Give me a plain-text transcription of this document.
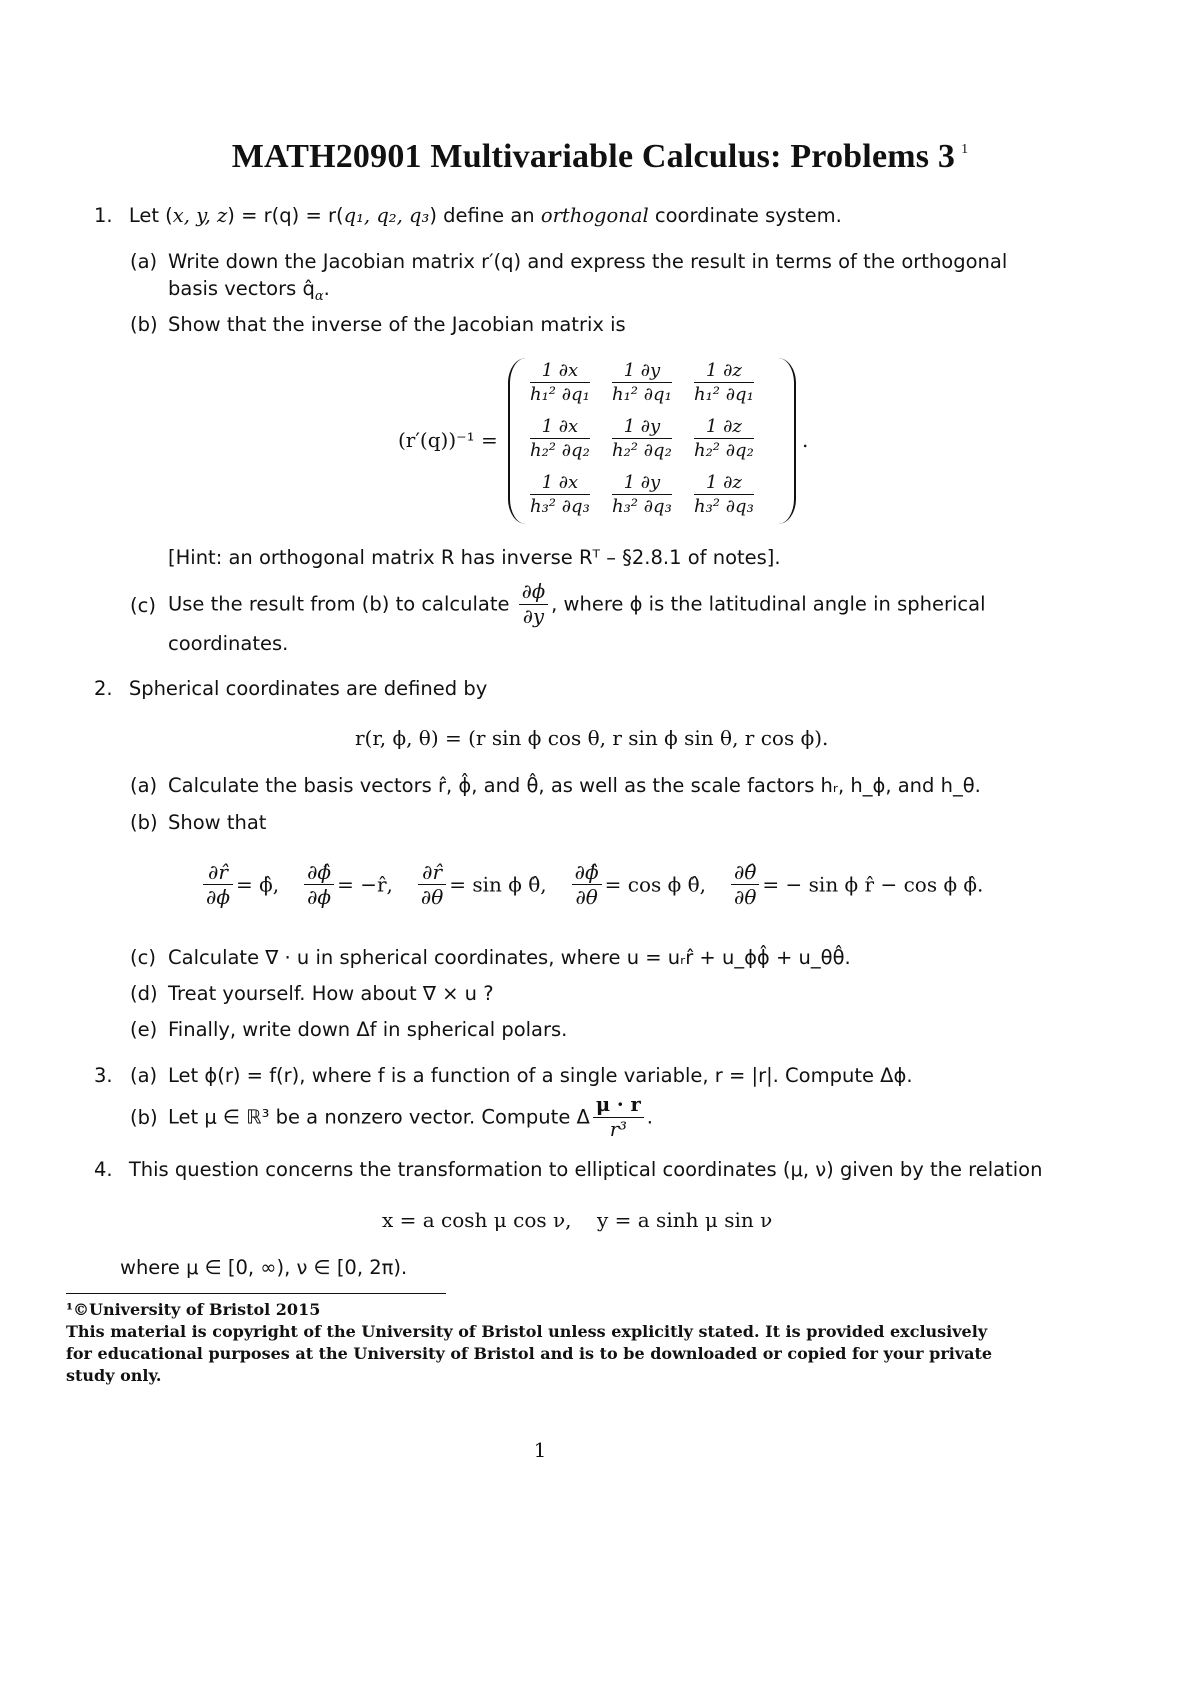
MATH20901 Multivariable Calculus: Problems 3 $^1$
1. Let (x, y, z) = r(q) = r(q₁, q₂, q₃) define an orthogonal coordinate system.
(a) Write down the Jacobian matrix r′(q) and express the result in terms of the orthogonal
basis vectors $q̂_\alpha$.
(b) Show that the inverse of the Jacobian matrix is
(r′(q))⁻¹ =
$\frac{1 \partial x}{\text{h₁² ∂q₁}} \frac{1 \partial y}{\text{h₁² ∂q₁}} \frac{1 \partial z}{\text{h₁² ∂q₁}}$
$\frac{1 \partial x}{\text{h₂² ∂q₂}} \frac{1 \partial y}{\text{h₂² ∂q₂}} \frac{1 \partial z}{\text{h₂² ∂q₂}}$
$\frac{1 \partial x}{\text{h₃² ∂q₃}} \frac{1 \partial y}{\text{h₃² ∂q₃}} \frac{1 \partial z}{\text{h₃² ∂q₃}}$
.
[Hint: an orthogonal matrix R has inverse Rᵀ – §2.8.1 of notes].
(c) Use the result from (b) to calculate $\frac{\partial\phi}{\partial y}$ , where ϕ is the latitudinal angle in spherical
coordinates.
2. Spherical coordinates are defined by
r(r, ϕ, θ) = (r sin ϕ cos θ, r sin ϕ sin θ, r cos ϕ).
(a) Calculate the basis vectors r̂, ϕ̂, and θ̂, as well as the scale factors hᵣ, h_ϕ, and h_θ.
(b) Show that
$\frac{\partial r̂}{\partial\phi}$ = ϕ̂, $\frac{\partial\phî}{\partial\phi}$ = −r̂, $\frac{\partial r̂}{\partial\theta} = \sin \phi$ θ̂, $\frac{\partial\phî}{\partial\theta} = \cos \phi$ θ̂, $\frac{\partial\thetâ}{\partial\theta}$ = − sin ϕ r̂ − cos ϕ ϕ̂.
(c) Calculate ∇ · u in spherical coordinates, where u = uᵣr̂ + u_ϕϕ̂ + u_θθ̂.
(d) Treat yourself. How about ∇ × u ?
(e) Finally, write down Δf in spherical polars.
3. (a) Let ϕ(r) = f(r), where f is a function of a single variable, r = |r|. Compute Δϕ.
(b) Let μ ∈ ℝ³ be a nonzero vector. Compute Δ $\frac{\mu \cdot r}{\text{r³}}$ .
4. This question concerns the transformation to elliptical coordinates (μ, ν) given by the relation
x = a cosh μ cos ν, y = a sinh μ sin ν
where μ ∈ [0, ∞), ν ∈ [0, 2π).
¹©University of Bristol 2015
This material is copyright of the University of Bristol unless explicitly stated. It is provided exclusively
for educational purposes at the University of Bristol and is to be downloaded or copied for your private
study only.
1
